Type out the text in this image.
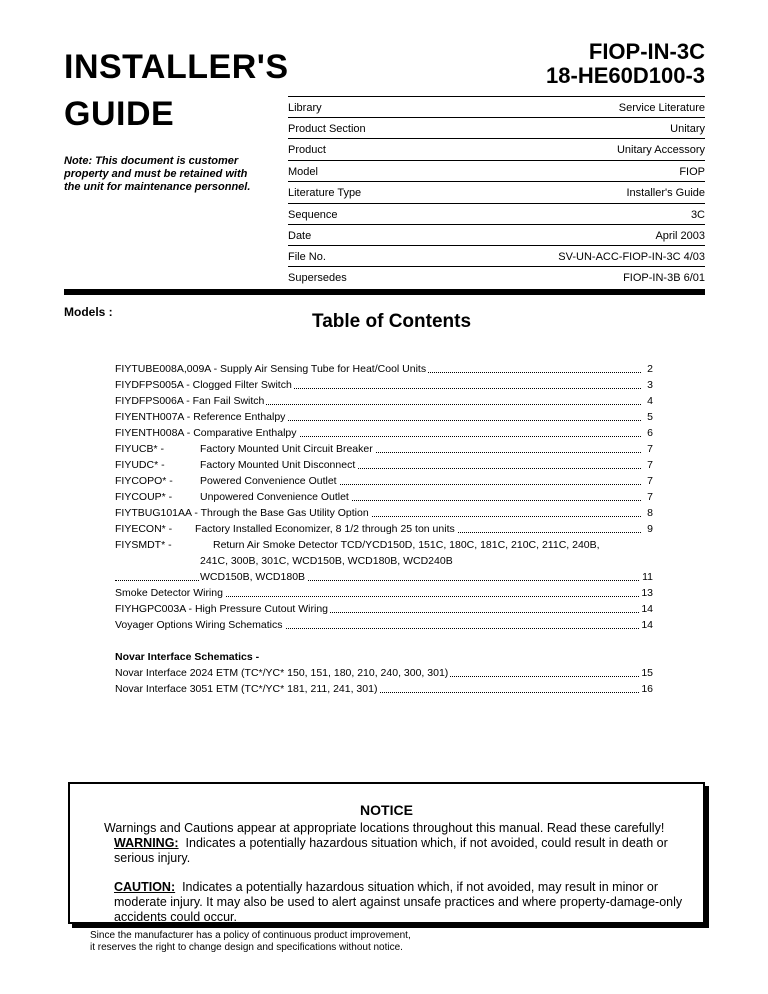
INSTALLER'S
GUIDE
Note: This document is customer property and must be retained with the unit for maintenance personnel.
FIOP-IN-3C
18-HE60D100-3
Library	Service Literature
Product Section	Unitary
Product	Unitary Accessory
Model	FIOP
Literature Type	Installer's Guide
Sequence	3C
Date	April 2003
File No.	SV-UN-ACC-FIOP-IN-3C 4/03
Supersedes	FIOP-IN-3B 6/01
Models :	Table of Contents
FIYTUBE008A,009A - Supply Air Sensing Tube for Heat/Cool Units	2
FIYDFPS005A - Clogged Filter Switch	3
FIYDFPS006A - Fan Fail Switch	4
FIYENTH007A - Reference Enthalpy	5
FIYENTH008A - Comparative Enthalpy	6
FIYUCB* -	Factory Mounted Unit Circuit Breaker	7
FIYUDC* -	Factory Mounted Unit Disconnect	7
FIYCOPO* -	Powered Convenience Outlet	7
FIYCOUP* -	Unpowered Convenience Outlet	7
FIYTBUG101AA - Through the Base Gas Utility Option	8
FIYECON* - Factory Installed Economizer, 8 1/2 through 25 ton units	9
FIYSMDT* -	Return Air Smoke Detector TCD/YCD150D, 151C, 180C, 181C, 210C, 211C, 240B,
241C, 300B, 301C, WCD150B, WCD180B, WCD240B
WCD150B, WCD180B	11
Smoke Detector Wiring	13
FIYHGPC003A - High Pressure Cutout Wiring	14
Voyager Options Wiring Schematics	14
Novar Interface Schematics -
Novar Interface 2024 ETM (TC*/YC* 150, 151, 180, 210, 240, 300, 301)	15
Novar Interface 3051 ETM (TC*/YC* 181, 211, 241, 301)	16
NOTICE
Warnings and Cautions appear at appropriate locations throughout this manual. Read these carefully!
WARNING: Indicates a potentially hazardous situation which, if not avoided, could result in death or serious injury.
CAUTION: Indicates a potentially hazardous situation which, if not avoided, may result in minor or moderate injury. It may also be used to alert against unsafe practices and where property-damage-only accidents could occur.
Since the manufacturer has a policy of continuous product improvement,
it reserves the right to change design and specifications without notice.
